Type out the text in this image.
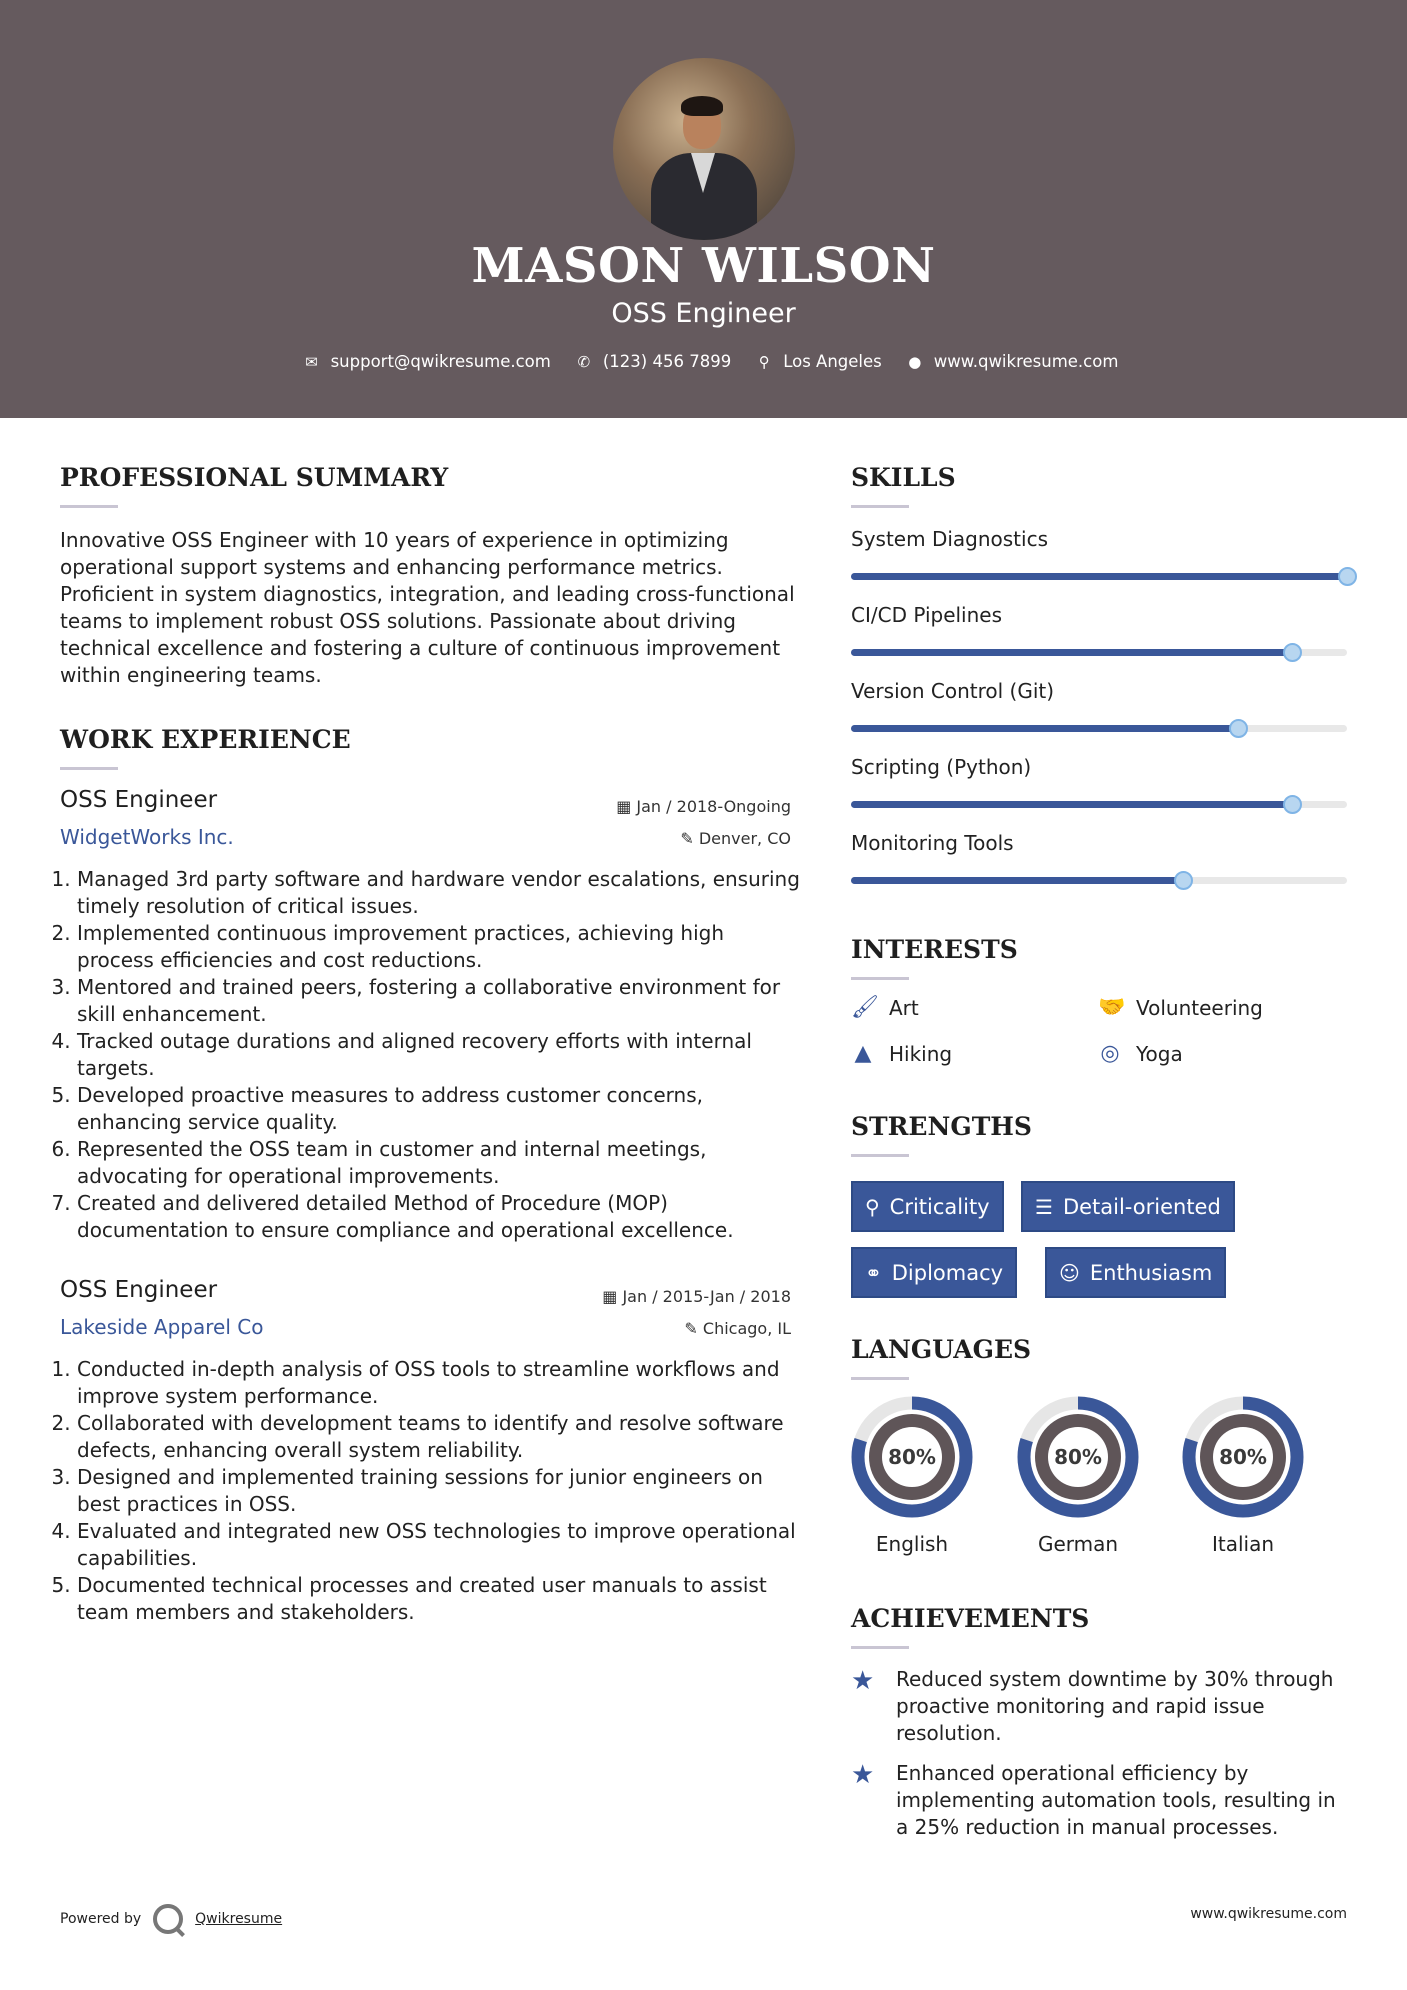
MASON WILSON
OSS Engineer
✉ support@qwikresume.com ✆ (123) 456 7899 ⚲ Los Angeles ● www.qwikresume.com
PROFESSIONAL SUMMARY
Innovative OSS Engineer with 10 years of experience in optimizing operational support systems and enhancing performance metrics. Proficient in system diagnostics, integration, and leading cross-functional teams to implement robust OSS solutions. Passionate about driving technical excellence and fostering a culture of continuous improvement within engineering teams.
WORK EXPERIENCE
OSS Engineer	▦ Jan / 2018-Ongoing
WidgetWorks Inc.	✎ Denver, CO
1. Managed 3rd party software and hardware vendor escalations, ensuring timely resolution of critical issues.
2. Implemented continuous improvement practices, achieving high process efficiencies and cost reductions.
3. Mentored and trained peers, fostering a collaborative environment for skill enhancement.
4. Tracked outage durations and aligned recovery efforts with internal targets.
5. Developed proactive measures to address customer concerns, enhancing service quality.
6. Represented the OSS team in customer and internal meetings, advocating for operational improvements.
7. Created and delivered detailed Method of Procedure (MOP) documentation to ensure compliance and operational excellence.
OSS Engineer	▦ Jan / 2015-Jan / 2018
Lakeside Apparel Co	✎ Chicago, IL
1. Conducted in-depth analysis of OSS tools to streamline workflows and improve system performance.
2. Collaborated with development teams to identify and resolve software defects, enhancing overall system reliability.
3. Designed and implemented training sessions for junior engineers on best practices in OSS.
4. Evaluated and integrated new OSS technologies to improve operational capabilities.
5. Documented technical processes and created user manuals to assist team members and stakeholders.
SKILLS
System Diagnostics
CI/CD Pipelines
Version Control (Git)
Scripting (Python)
Monitoring Tools
INTERESTS
🖌 Art	🤝 Volunteering
▲ Hiking	◎ Yoga
STRENGTHS
⚲ Criticality ☰ Detail-oriented
⚭ Diplomacy	☺ Enthusiasm
LANGUAGES
80%
English
80%
German
80%
Italian
ACHIEVEMENTS
★ Reduced system downtime by 30% through proactive monitoring and rapid issue resolution.
★ Enhanced operational efficiency by implementing automation tools, resulting in a 25% reduction in manual processes.
Powered by	Qwikresume	www.qwikresume.com
